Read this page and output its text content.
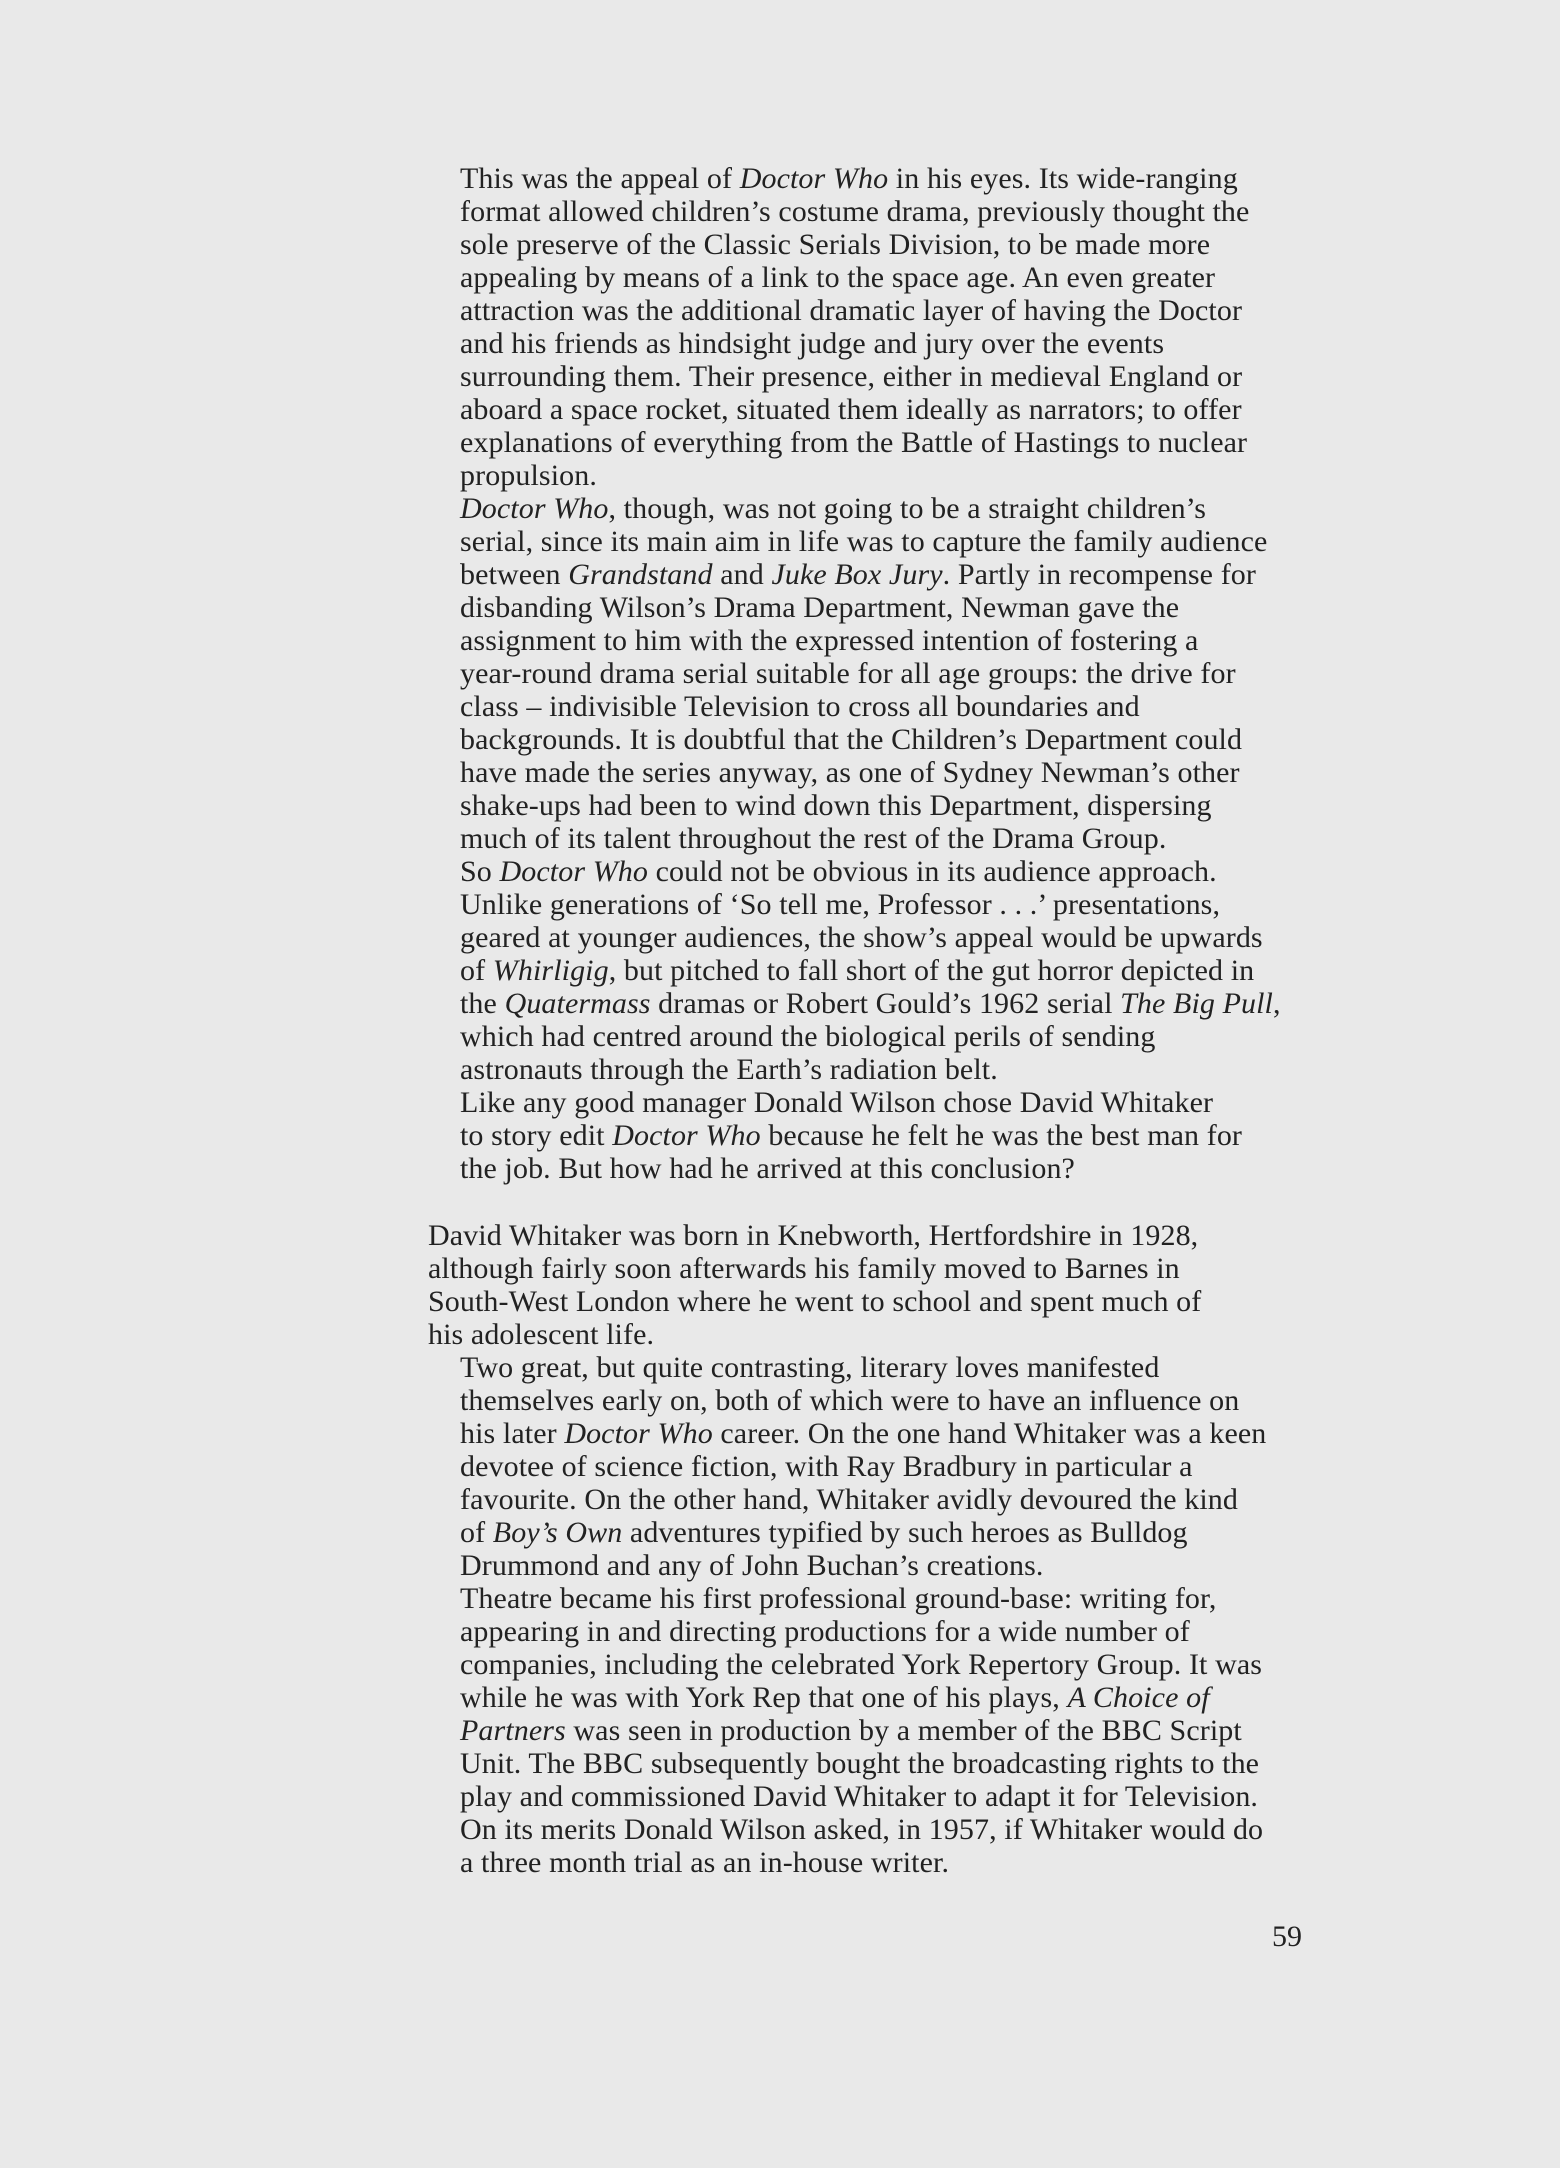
This was the appeal of Doctor Who in his eyes. Its wide-ranging
format allowed children’s costume drama, previously thought the
sole preserve of the Classic Serials Division, to be made more
appealing by means of a link to the space age. An even greater
attraction was the additional dramatic layer of having the Doctor
and his friends as hindsight judge and jury over the events
surrounding them. Their presence, either in medieval England or
aboard a space rocket, situated them ideally as narrators; to offer
explanations of everything from the Battle of Hastings to nuclear
propulsion.

Doctor Who, though, was not going to be a straight children’s
serial, since its main aim in life was to capture the family audience
between Grandstand and Juke Box Jury. Partly in recompense for
disbanding Wilson’s Drama Department, Newman gave the
assignment to him with the expressed intention of fostering a
year-round drama serial suitable for all age groups: the drive for
class – indivisible Television to cross all boundaries and
backgrounds. It is doubtful that the Children’s Department could
have made the series anyway, as one of Sydney Newman’s other
shake-ups had been to wind down this Department, dispersing
much of its talent throughout the rest of the Drama Group.

So Doctor Who could not be obvious in its audience approach.
Unlike generations of ‘So tell me, Professor . . .’ presentations,
geared at younger audiences, the show’s appeal would be upwards
of Whirligig, but pitched to fall short of the gut horror depicted in
the Quatermass dramas or Robert Gould’s 1962 serial The Big Pull,
which had centred around the biological perils of sending
astronauts through the Earth’s radiation belt.

Like any good manager Donald Wilson chose David Whitaker
to story edit Doctor Who because he felt he was the best man for
the job. But how had he arrived at this conclusion?

David Whitaker was born in Knebworth, Hertfordshire in 1928,
although fairly soon afterwards his family moved to Barnes in
South-West London where he went to school and spent much of
his adolescent life.

Two great, but quite contrasting, literary loves manifested
themselves early on, both of which were to have an influence on
his later Doctor Who career. On the one hand Whitaker was a keen
devotee of science fiction, with Ray Bradbury in particular a
favourite. On the other hand, Whitaker avidly devoured the kind
of Boy’s Own adventures typified by such heroes as Bulldog
Drummond and any of John Buchan’s creations.

Theatre became his first professional ground-base: writing for,
appearing in and directing productions for a wide number of
companies, including the celebrated York Repertory Group. It was
while he was with York Rep that one of his plays, A Choice of
Partners was seen in production by a member of the BBC Script
Unit. The BBC subsequently bought the broadcasting rights to the
play and commissioned David Whitaker to adapt it for Television.
On its merits Donald Wilson asked, in 1957, if Whitaker would do
a three month trial as an in-house writer.

59
